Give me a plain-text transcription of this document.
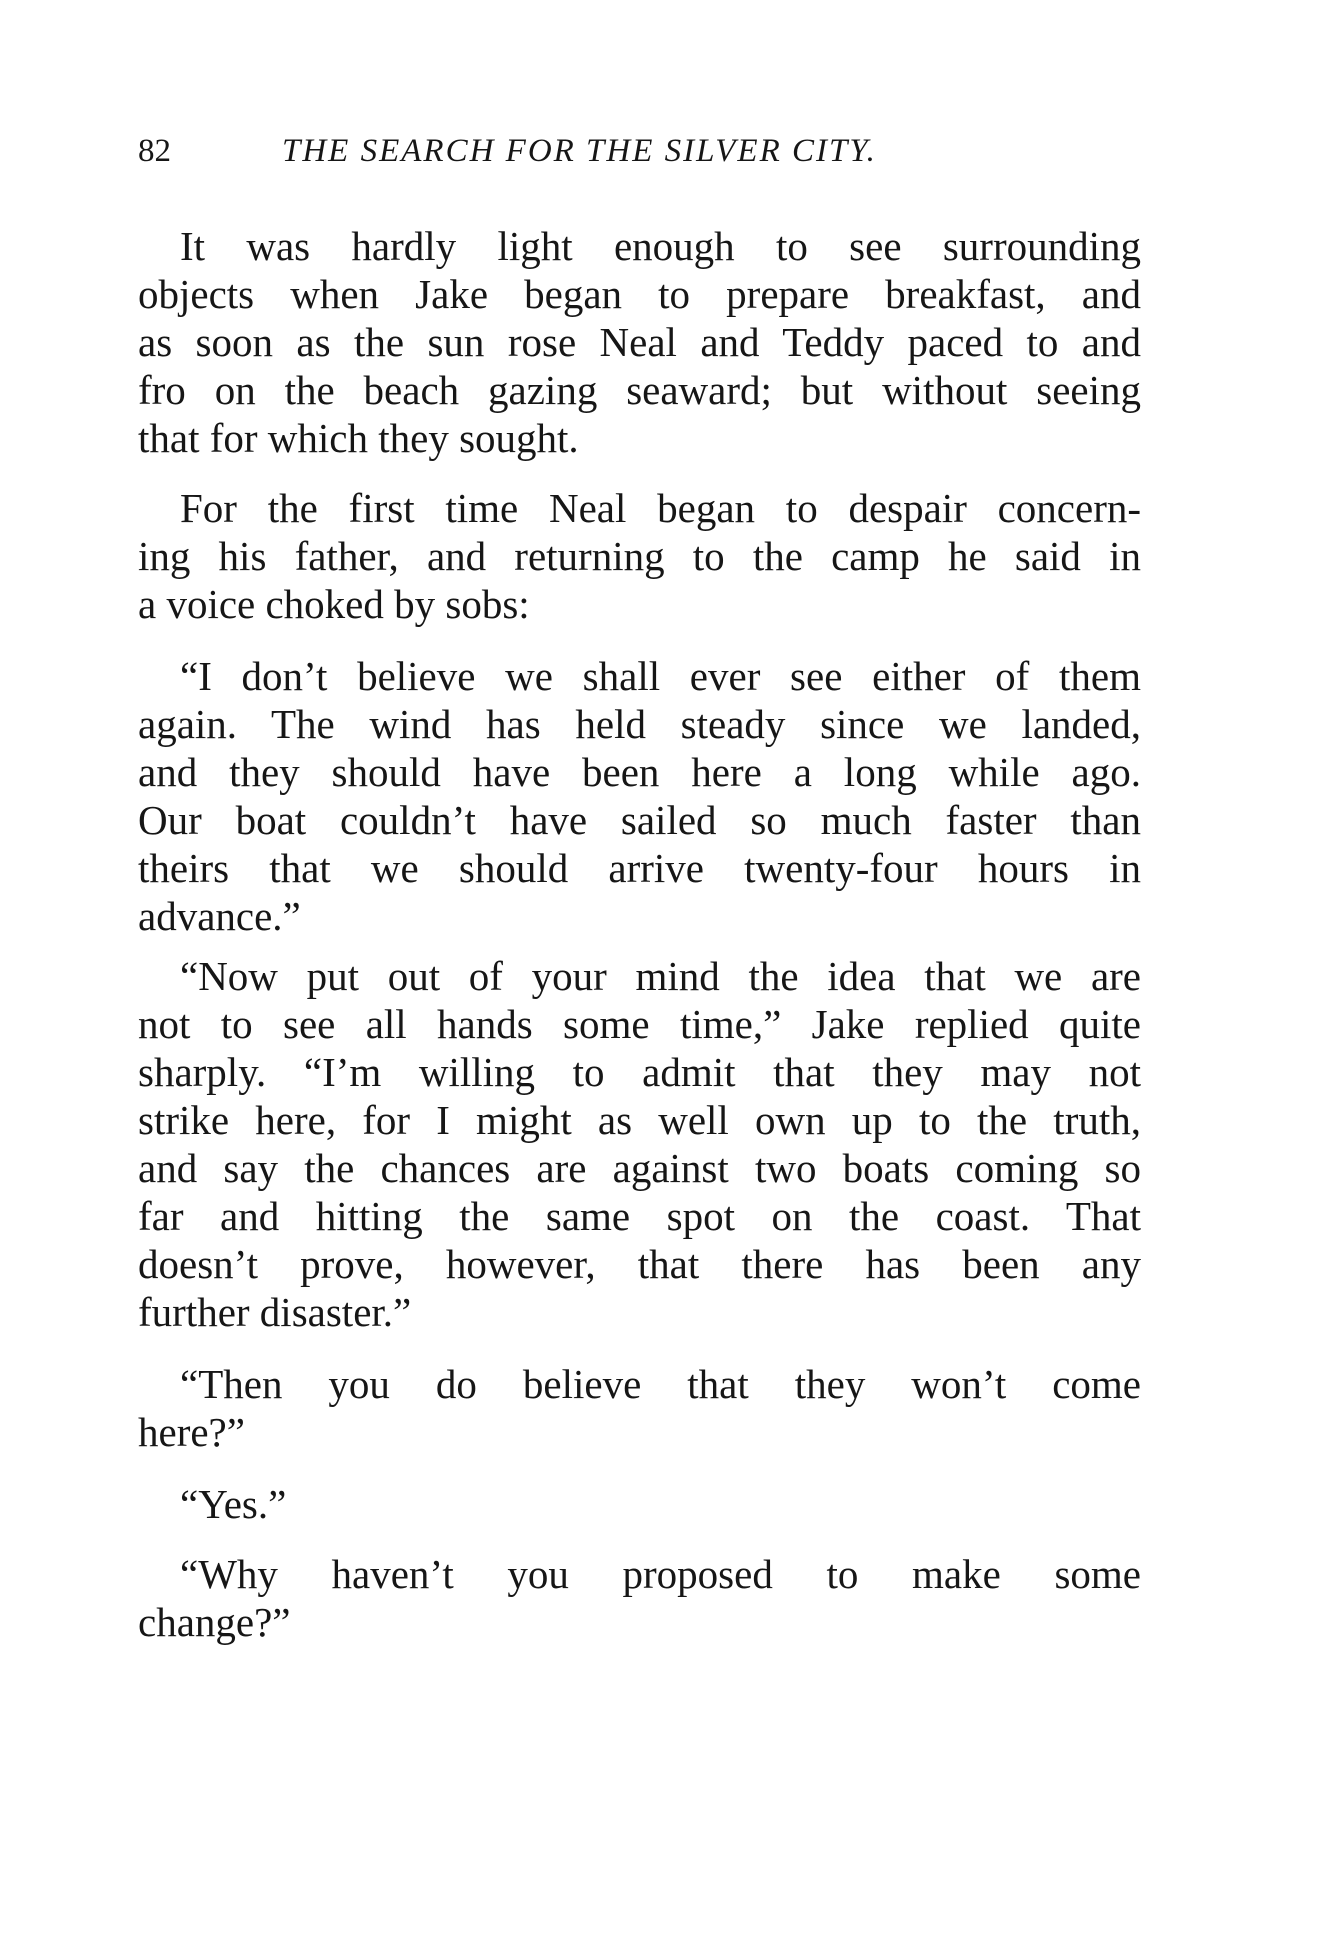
82	THE SEARCH FOR THE SILVER CITY.
It was hardly light enough to see surrounding
objects when Jake began to prepare breakfast, and
as soon as the sun rose Neal and Teddy paced to and
fro on the beach gazing seaward; but without seeing
that for which they sought.
For the first time Neal began to despair concern-
ing his father, and returning to the camp he said in
a voice choked by sobs:
“I don’t believe we shall ever see either of them
again. The wind has held steady since we landed,
and they should have been here a long while ago.
Our boat couldn’t have sailed so much faster than
theirs that we should arrive twenty-four hours in
advance.”
“Now put out of your mind the idea that we are
not to see all hands some time,” Jake replied quite
sharply. “I’m willing to admit that they may not
strike here, for I might as well own up to the truth,
and say the chances are against two boats coming so
far and hitting the same spot on the coast. That
doesn’t prove, however, that there has been any
further disaster.”
“Then you do believe that they won’t come
here?”
“Yes.”
“Why haven’t you proposed to make some
change?”
